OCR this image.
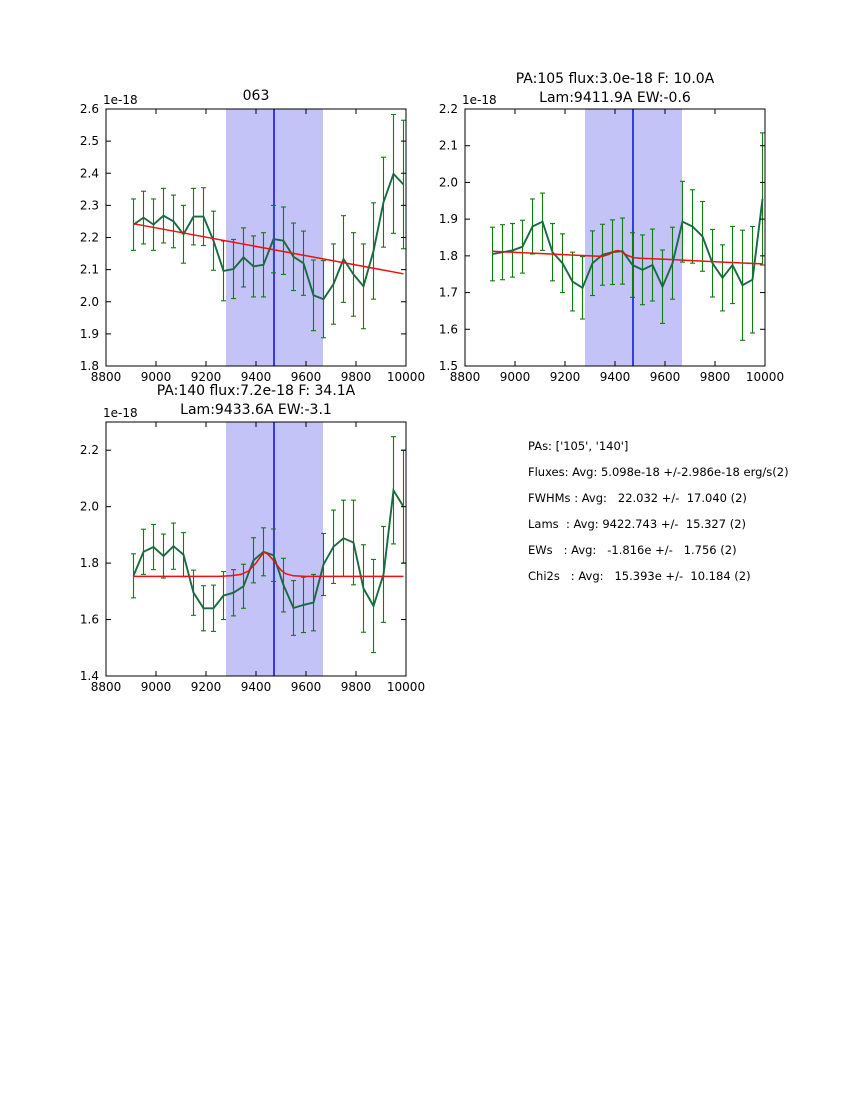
063
1e-18
8800 9000 9200 9400 9600 9800 10000
1.8
1.9
2.0
2.1
2.2
2.3
2.4
2.5
2.6
PA:105 flux:3.0e-18 F: 10.0A
Lam:9411.9A EW:-0.6
1e-18
8800 9000 9200 9400 9600 9800 10000
1.5
1.6
1.7
1.8
1.9
2.0
2.1
2.2
PA:140 flux:7.2e-18 F: 34.1A
Lam:9433.6A EW:-3.1
1e-18
8800 9000 9200 9400 9600 9800 10000
1.4
1.6
1.8
2.0
2.2	PAs: ['105', '140']
Fluxes: Avg: 5.098e-18 +/-2.986e-18 erg/s(2)
FWHMs : Avg:   22.032 +/-  17.040 (2)
Lams  : Avg: 9422.743 +/-  15.327 (2)
EWs   : Avg:   -1.816e +/-   1.756 (2)
Chi2s   : Avg:   15.393e +/-  10.184 (2)
